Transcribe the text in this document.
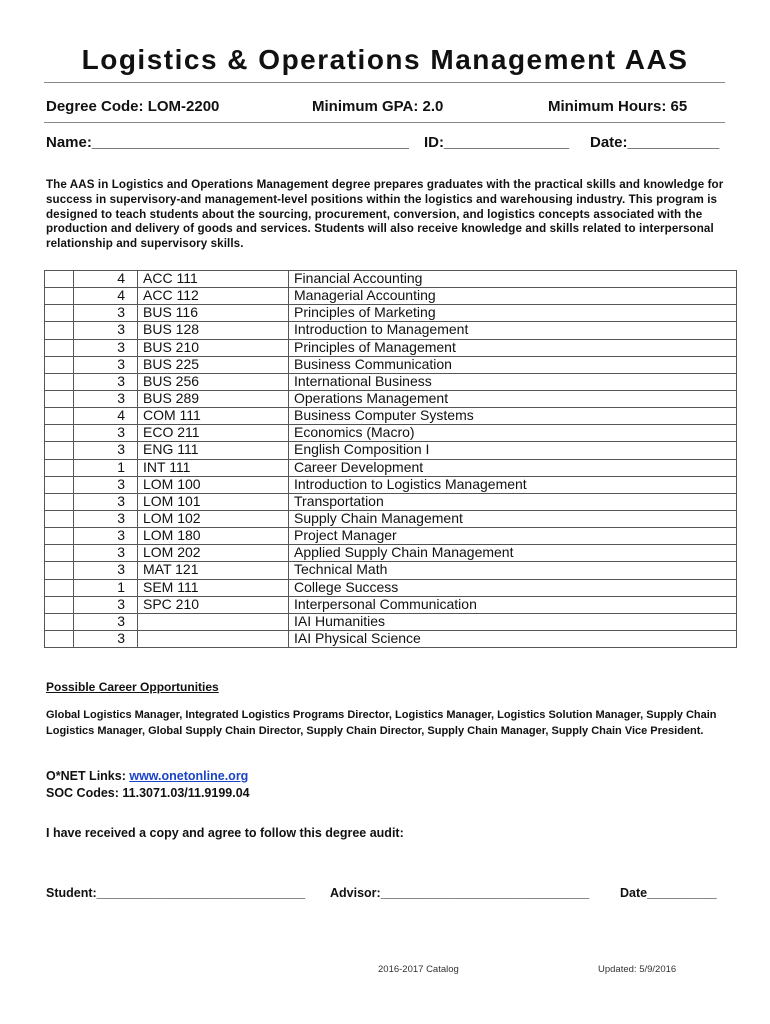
Logistics & Operations Management AAS
Degree Code: LOM-2200	Minimum GPA: 2.0	Minimum Hours: 65
Name:______________________________________ ID:_______________ Date:___________
The AAS in Logistics and Operations Management degree prepares graduates with the practical skills and knowledge for success in supervisory-and management-level positions within the logistics and warehousing industry. This program is designed to teach students about the sourcing, procurement, conversion, and logistics concepts associated with the production and delivery of goods and services. Students will also receive knowledge and skills related to interpersonal relationship and supervisory skills.
	4	ACC 111	Financial Accounting
	4	ACC 112	Managerial Accounting
	3	BUS 116	Principles of Marketing
	3	BUS 128	Introduction to Management
	3	BUS 210	Principles of Management
	3	BUS 225	Business Communication
	3	BUS 256	International Business
	3	BUS 289	Operations Management
	4	COM 111	Business Computer Systems
	3	ECO 211	Economics (Macro)
	3	ENG 111	English Composition I
	1	INT 111	Career Development
	3	LOM 100	Introduction to Logistics Management
	3	LOM 101	Transportation
	3	LOM 102	Supply Chain Management
	3	LOM 180	Project Manager
	3	LOM 202	Applied Supply Chain Management
	3	MAT 121	Technical Math
	1	SEM 111	College Success
	3	SPC 210	Interpersonal Communication
	3		IAI Humanities
	3		IAI Physical Science
Possible Career Opportunities
Global Logistics Manager, Integrated Logistics Programs Director, Logistics Manager, Logistics Solution Manager, Supply Chain Logistics Manager, Global Supply Chain Director, Supply Chain Director, Supply Chain Manager, Supply Chain Vice President.
O*NET Links: www.onetonline.org
SOC Codes: 11.3071.03/11.9199.04
I have received a copy and agree to follow this degree audit:
Student:______________________________ Advisor:______________________________ Date__________
2016-2017 Catalog	Updated: 5/9/2016
